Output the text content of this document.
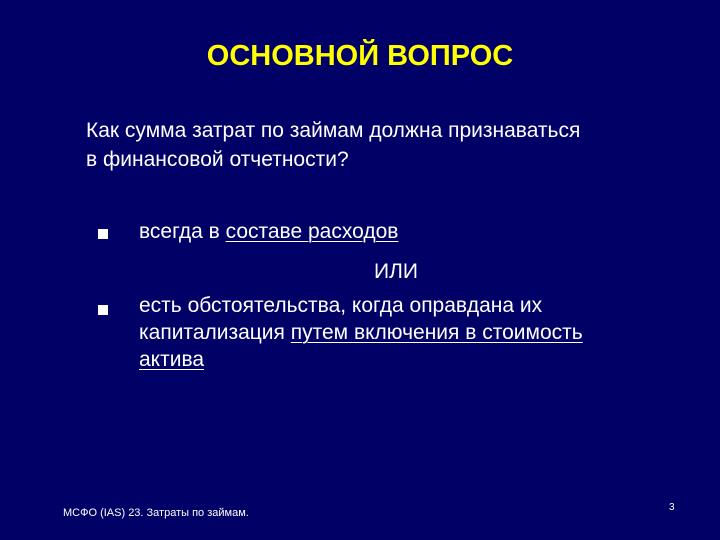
ОСНОВНОЙ ВОПРОС
Как сумма затрат по займам должна признаваться
в финансовой отчетности?
всегда в составе расходов
ИЛИ
есть обстоятельства, когда оправдана их
капитализация путем включения в стоимость
актива
МСФО (IAS) 23. Затраты по займам.	3
